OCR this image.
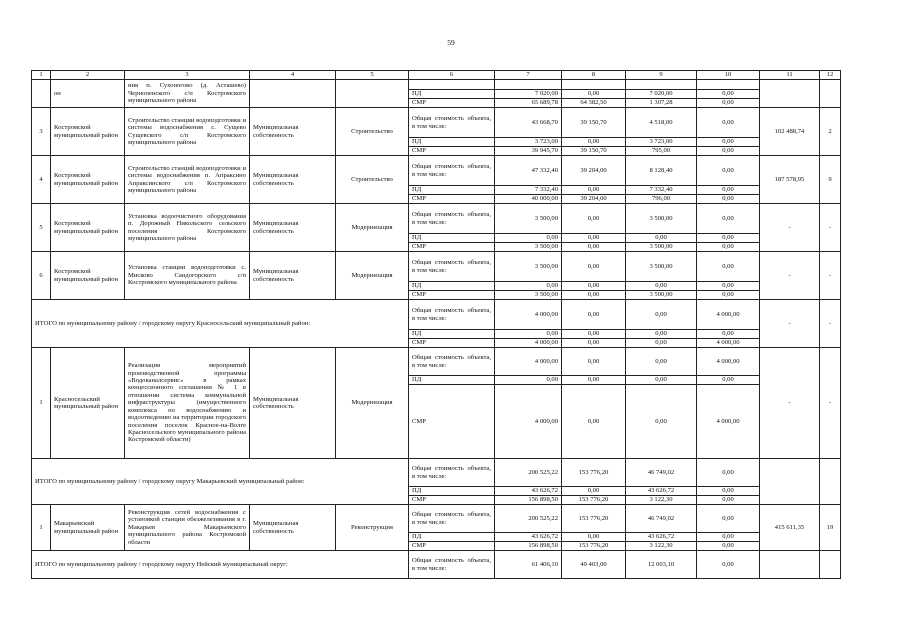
59
1	2	3	4	5	6	7	8	9	10	11	12
	он	ния п. Сухоногово (д. Асташево) Чернопенского с/п Костромского муниципального района									
					ПД	7 020,00	0,00	7 020,00	0,00		
					СМР	65 689,78	64 382,50	1 307,28	0,00		
3	Костромской муниципальный район	Строительство станции водоподготовки и системы водоснабжения с. Сущево Сущевского с/п Костромского муниципального района	Муниципальная собственность	Строительство	Общая стоимость объекта, в том числе:	43 668,70	39 150,70	4 518,00	0,00	102 488,74	2
					ПД	3 723,00	0,00	3 723,00	0,00		
					СМР	39 945,70	39 150,70	795,00	0,00		
4	Костромской муниципальный район	Строительство станций водоподготовки и системы водоснабжения п. Апраксино Апраксинского с/п Костромского муниципального района	Муниципальная собственность	Строительство	Общая стоимость объекта, в том числе:	47 332,40	39 204,00	8 128,40	0,00	187 578,95	9
					ПД	7 332,40	0,00	7 332,40	0,00		
					СМР	40 000,00	39 204,00	796,00	0,00		
5	Костромской муниципальный район	Установка водоочистного оборудования п. Дорожный Никольского сельского поселения Костромского муниципального района	Муниципальная собственность	Модернизация	Общая стоимость объекта, в том числе:	3 500,00	0,00	3 500,00	0,00	-	-
					ПД	0,00	0,00	0,00	0,00		
					СМР	3 500,00	0,00	3 500,00	0,00		
6	Костромской муниципальный район	Установка станции водоподготовки с. Мисково Сандогорского с/п Костромского муниципального района	Муниципальная собственность	Модернизация	Общая стоимость объекта, в том числе:	3 500,00	0,00	3 500,00	0,00	-	-
					ПД	0,00	0,00	0,00	0,00		
					СМР	3 500,00	0,00	3 500,00	0,00		
ИТОГО по муниципальному району / городскому округу Красносельский муниципальный район:					Общая стоимость объекта, в том числе:	4 000,00	0,00	0,00	4 000,00	-	-
					ПД	0,00	0,00	0,00	0,00		
					СМР	4 000,00	0,00	0,00	4 000,00		
1	Красносельский муниципальный район	Реализация мероприятий производственной программы «Водоканалсервис» в рамках концессионного соглашения № 1 в отношении системы коммунальной инфраструктуры (имущественного комплекса по водоснабжению и водоотведению на территории городского поселения поселок Красное-на-Волге Красносельского муниципального района Костромской области)	Муниципальная собственность	Модернизация	Общая стоимость объекта, в том числе:	4 000,00	0,00	0,00	4 000,00	-	-
					ПД	0,00	0,00	0,00	0,00		
					СМР	4 000,00	0,00	0,00	4 000,00		
ИТОГО по муниципальному району / городскому округу Макарьевский муниципальный район:					Общая стоимость объекта, в том числе:	200 525,22	153 776,20	46 749,02	0,00		
					ПД	43 626,72	0,00	43 626,72	0,00		
					СМР	156 898,50	153 776,20	3 122,30	0,00		
1	Макарьевский муниципальный район	Реконструкция сетей водоснабжения с установкой станции обезжелезивания в г. Макарьев Макарьевского муниципального района Костромской области	Муниципальная собственность	Реконструкция	Общая стоимость объекта, в том числе:	200 525,22	153 776,20	46 749,02	0,00	415 611,35	19
					ПД	43 626,72	0,00	43 626,72	0,00		
					СМР	156 898,50	153 776,20	3 122,30	0,00		
ИТОГО по муниципальному району / городскому округу Нейский муниципальный округ:					Общая стоимость объекта, в том числе:	61 406,10	49 403,00	12 003,10	0,00		
